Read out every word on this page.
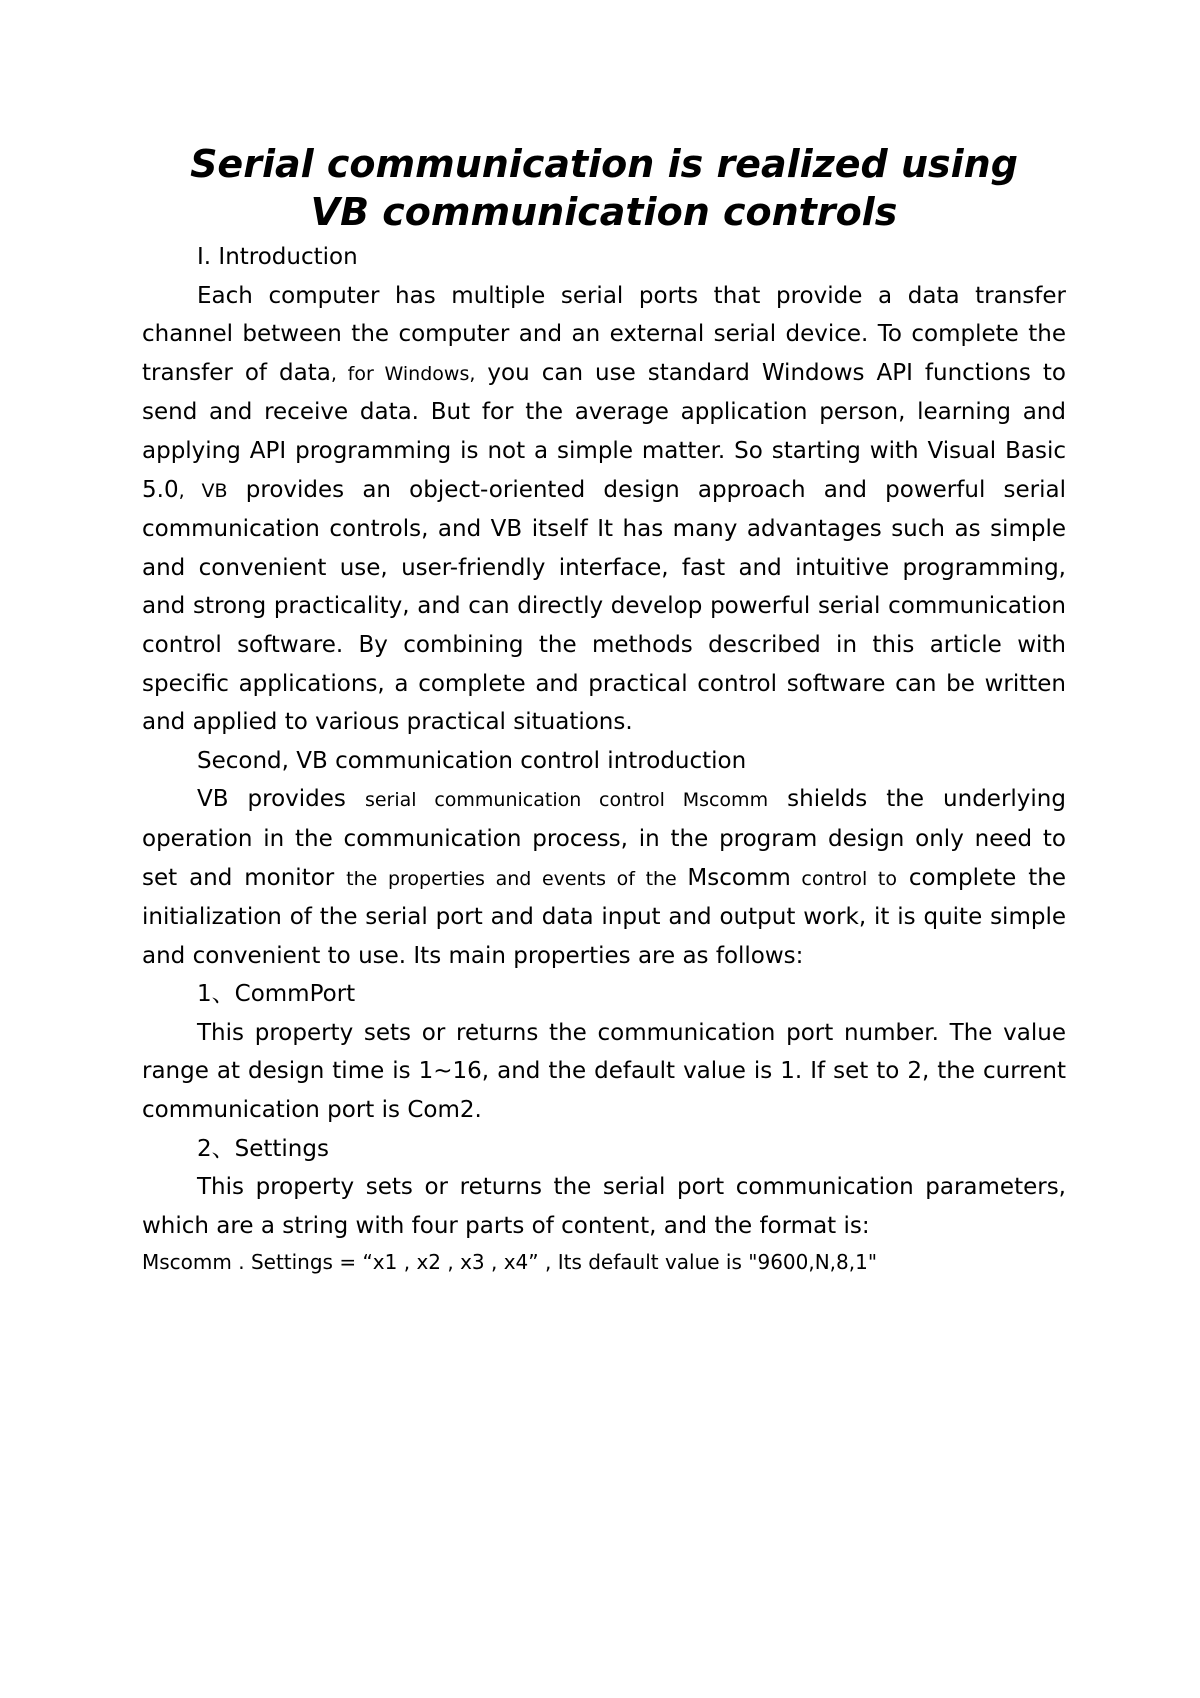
Serial communication is realized using
VB communication controls

I. Introduction

Each computer has multiple serial ports that provide a data transfer channel between the computer and an external serial device. To complete the transfer of data, for Windows, you can use standard Windows API functions to send and receive data. But for the average application person, learning and applying API programming is not a simple matter. So starting with Visual Basic 5.0, VB provides an object-oriented design approach and powerful serial communication controls, and VB itself It has many advantages such as simple and convenient use, user-friendly interface, fast and intuitive programming, and strong practicality, and can directly develop powerful serial communication control software. By combining the methods described in this article with specific applications, a complete and practical control software can be written and applied to various practical situations.

Second, VB communication control introduction

VB provides serial communication control Mscomm shields the underlying operation in the communication process, in the program design only need to set and monitor the properties and events of the Mscomm control to complete the initialization of the serial port and data input and output work, it is quite simple and convenient to use. Its main properties are as follows:

1、CommPort

This property sets or returns the communication port number. The value range at design time is 1~16, and the default value is 1. If set to 2, the current communication port is Com2.

2、Settings

This property sets or returns the serial port communication parameters, which are a string with four parts of content, and the format is:

Mscomm . Settings = “x1 , x2 , x3 , x4” , Its default value is "9600,N,8,1"
